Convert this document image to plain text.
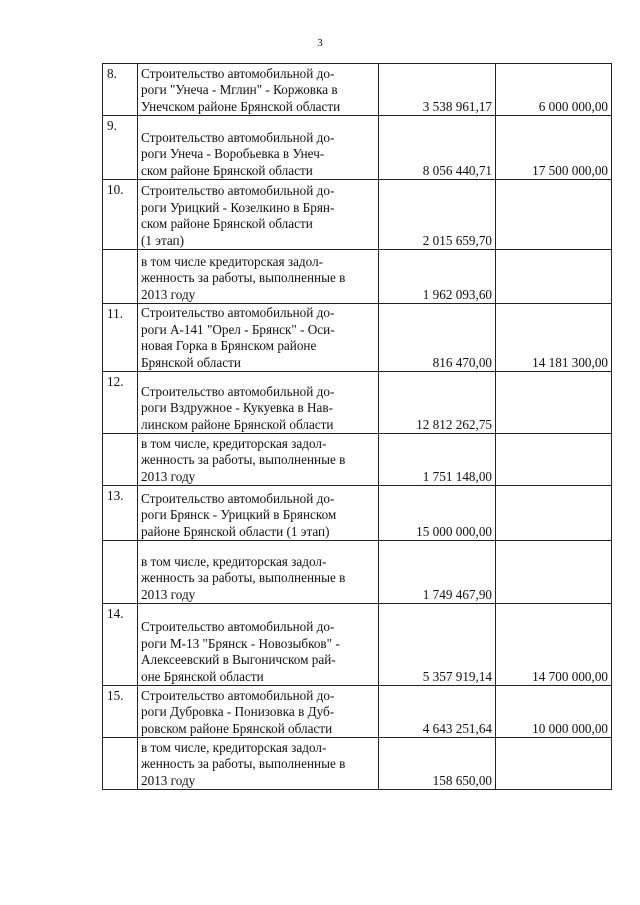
3
8.	Строительство автомобильной до-
роги "Унеча - Мглин" - Коржовка в
Унечском районе Брянской области	3 538 961,17	6 000 000,00

9.	Строительство автомобильной до-
роги Унеча - Воробьевка в Унеч-
ском районе Брянской области	8 056 440,71	17 500 000,00

10.	Строительство автомобильной до-
роги Урицкий - Козелкино в Брян-
ском районе Брянской области
(1 этап)	2 015 659,70	

	в том числе кредиторская задол-
женность за работы, выполненные в
2013 году	1 962 093,60	

11.	Строительство автомобильной до-
роги А-141 "Орел - Брянск" - Оси-
новая Горка в Брянском районе
Брянской области	816 470,00	14 181 300,00

12.	Строительство автомобильной до-
роги Вздружное - Кукуевка в Нав-
линском районе Брянской области	12 812 262,75	

	в том числе, кредиторская задол-
женность за работы, выполненные в
2013 году	1 751 148,00	

13.	Строительство автомобильной до-
роги Брянск - Урицкий в Брянском
районе Брянской области (1 этап)	15 000 000,00	

	в том числе, кредиторская задол-
женность за работы, выполненные в
2013 году	1 749 467,90	

14.	Строительство автомобильной до-
роги М-13 "Брянск - Новозыбков" -
Алексеевский в Выгоничском рай-
оне Брянской области	5 357 919,14	14 700 000,00

15.	Строительство автомобильной до-
роги Дубровка - Понизовка в Дуб-
ровском районе Брянской области	4 643 251,64	10 000 000,00

	в том числе, кредиторская задол-
женность за работы, выполненные в
2013 году	158 650,00	
